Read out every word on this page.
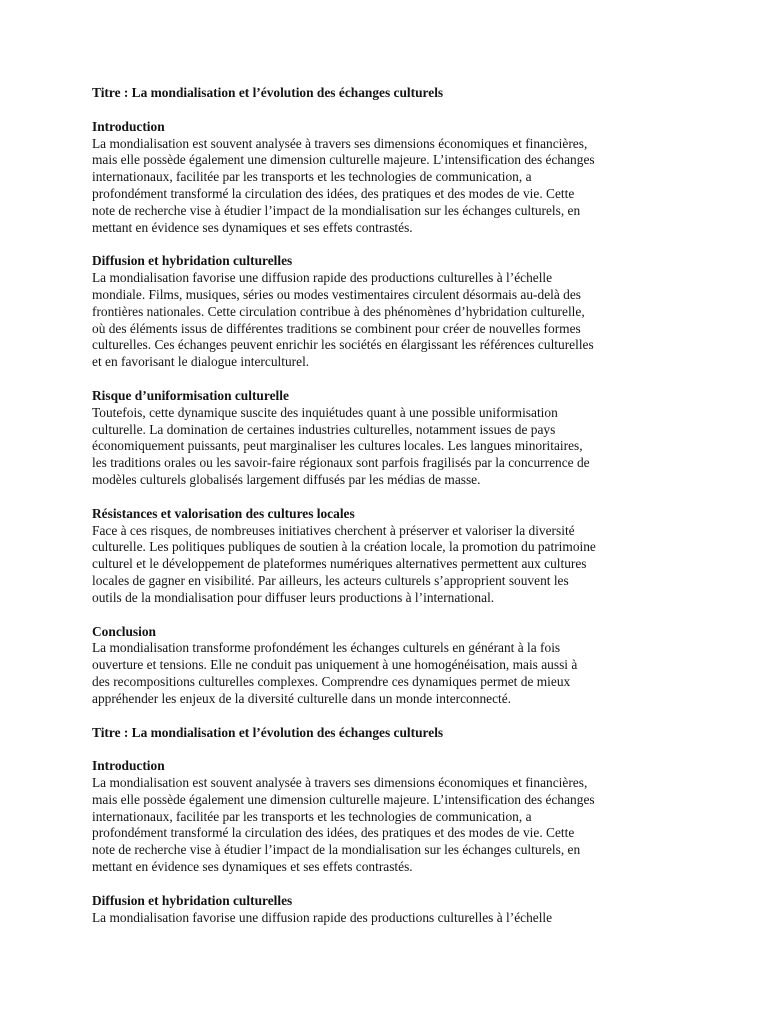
Titre : La mondialisation et l’évolution des échanges culturels

Introduction

La mondialisation est souvent analysée à travers ses dimensions économiques et financières,
mais elle possède également une dimension culturelle majeure. L’intensification des échanges
internationaux, facilitée par les transports et les technologies de communication, a
profondément transformé la circulation des idées, des pratiques et des modes de vie. Cette
note de recherche vise à étudier l’impact de la mondialisation sur les échanges culturels, en
mettant en évidence ses dynamiques et ses effets contrastés.

Diffusion et hybridation culturelles

La mondialisation favorise une diffusion rapide des productions culturelles à l’échelle
mondiale. Films, musiques, séries ou modes vestimentaires circulent désormais au-delà des
frontières nationales. Cette circulation contribue à des phénomènes d’hybridation culturelle,
où des éléments issus de différentes traditions se combinent pour créer de nouvelles formes
culturelles. Ces échanges peuvent enrichir les sociétés en élargissant les références culturelles
et en favorisant le dialogue interculturel.

Risque d’uniformisation culturelle

Toutefois, cette dynamique suscite des inquiétudes quant à une possible uniformisation
culturelle. La domination de certaines industries culturelles, notamment issues de pays
économiquement puissants, peut marginaliser les cultures locales. Les langues minoritaires,
les traditions orales ou les savoir-faire régionaux sont parfois fragilisés par la concurrence de
modèles culturels globalisés largement diffusés par les médias de masse.

Résistances et valorisation des cultures locales

Face à ces risques, de nombreuses initiatives cherchent à préserver et valoriser la diversité
culturelle. Les politiques publiques de soutien à la création locale, la promotion du patrimoine
culturel et le développement de plateformes numériques alternatives permettent aux cultures
locales de gagner en visibilité. Par ailleurs, les acteurs culturels s’approprient souvent les
outils de la mondialisation pour diffuser leurs productions à l’international.

Conclusion

La mondialisation transforme profondément les échanges culturels en générant à la fois
ouverture et tensions. Elle ne conduit pas uniquement à une homogénéisation, mais aussi à
des recompositions culturelles complexes. Comprendre ces dynamiques permet de mieux
appréhender les enjeux de la diversité culturelle dans un monde interconnecté.

Titre : La mondialisation et l’évolution des échanges culturels

Introduction

La mondialisation est souvent analysée à travers ses dimensions économiques et financières,
mais elle possède également une dimension culturelle majeure. L’intensification des échanges
internationaux, facilitée par les transports et les technologies de communication, a
profondément transformé la circulation des idées, des pratiques et des modes de vie. Cette
note de recherche vise à étudier l’impact de la mondialisation sur les échanges culturels, en
mettant en évidence ses dynamiques et ses effets contrastés.

Diffusion et hybridation culturelles

La mondialisation favorise une diffusion rapide des productions culturelles à l’échelle
